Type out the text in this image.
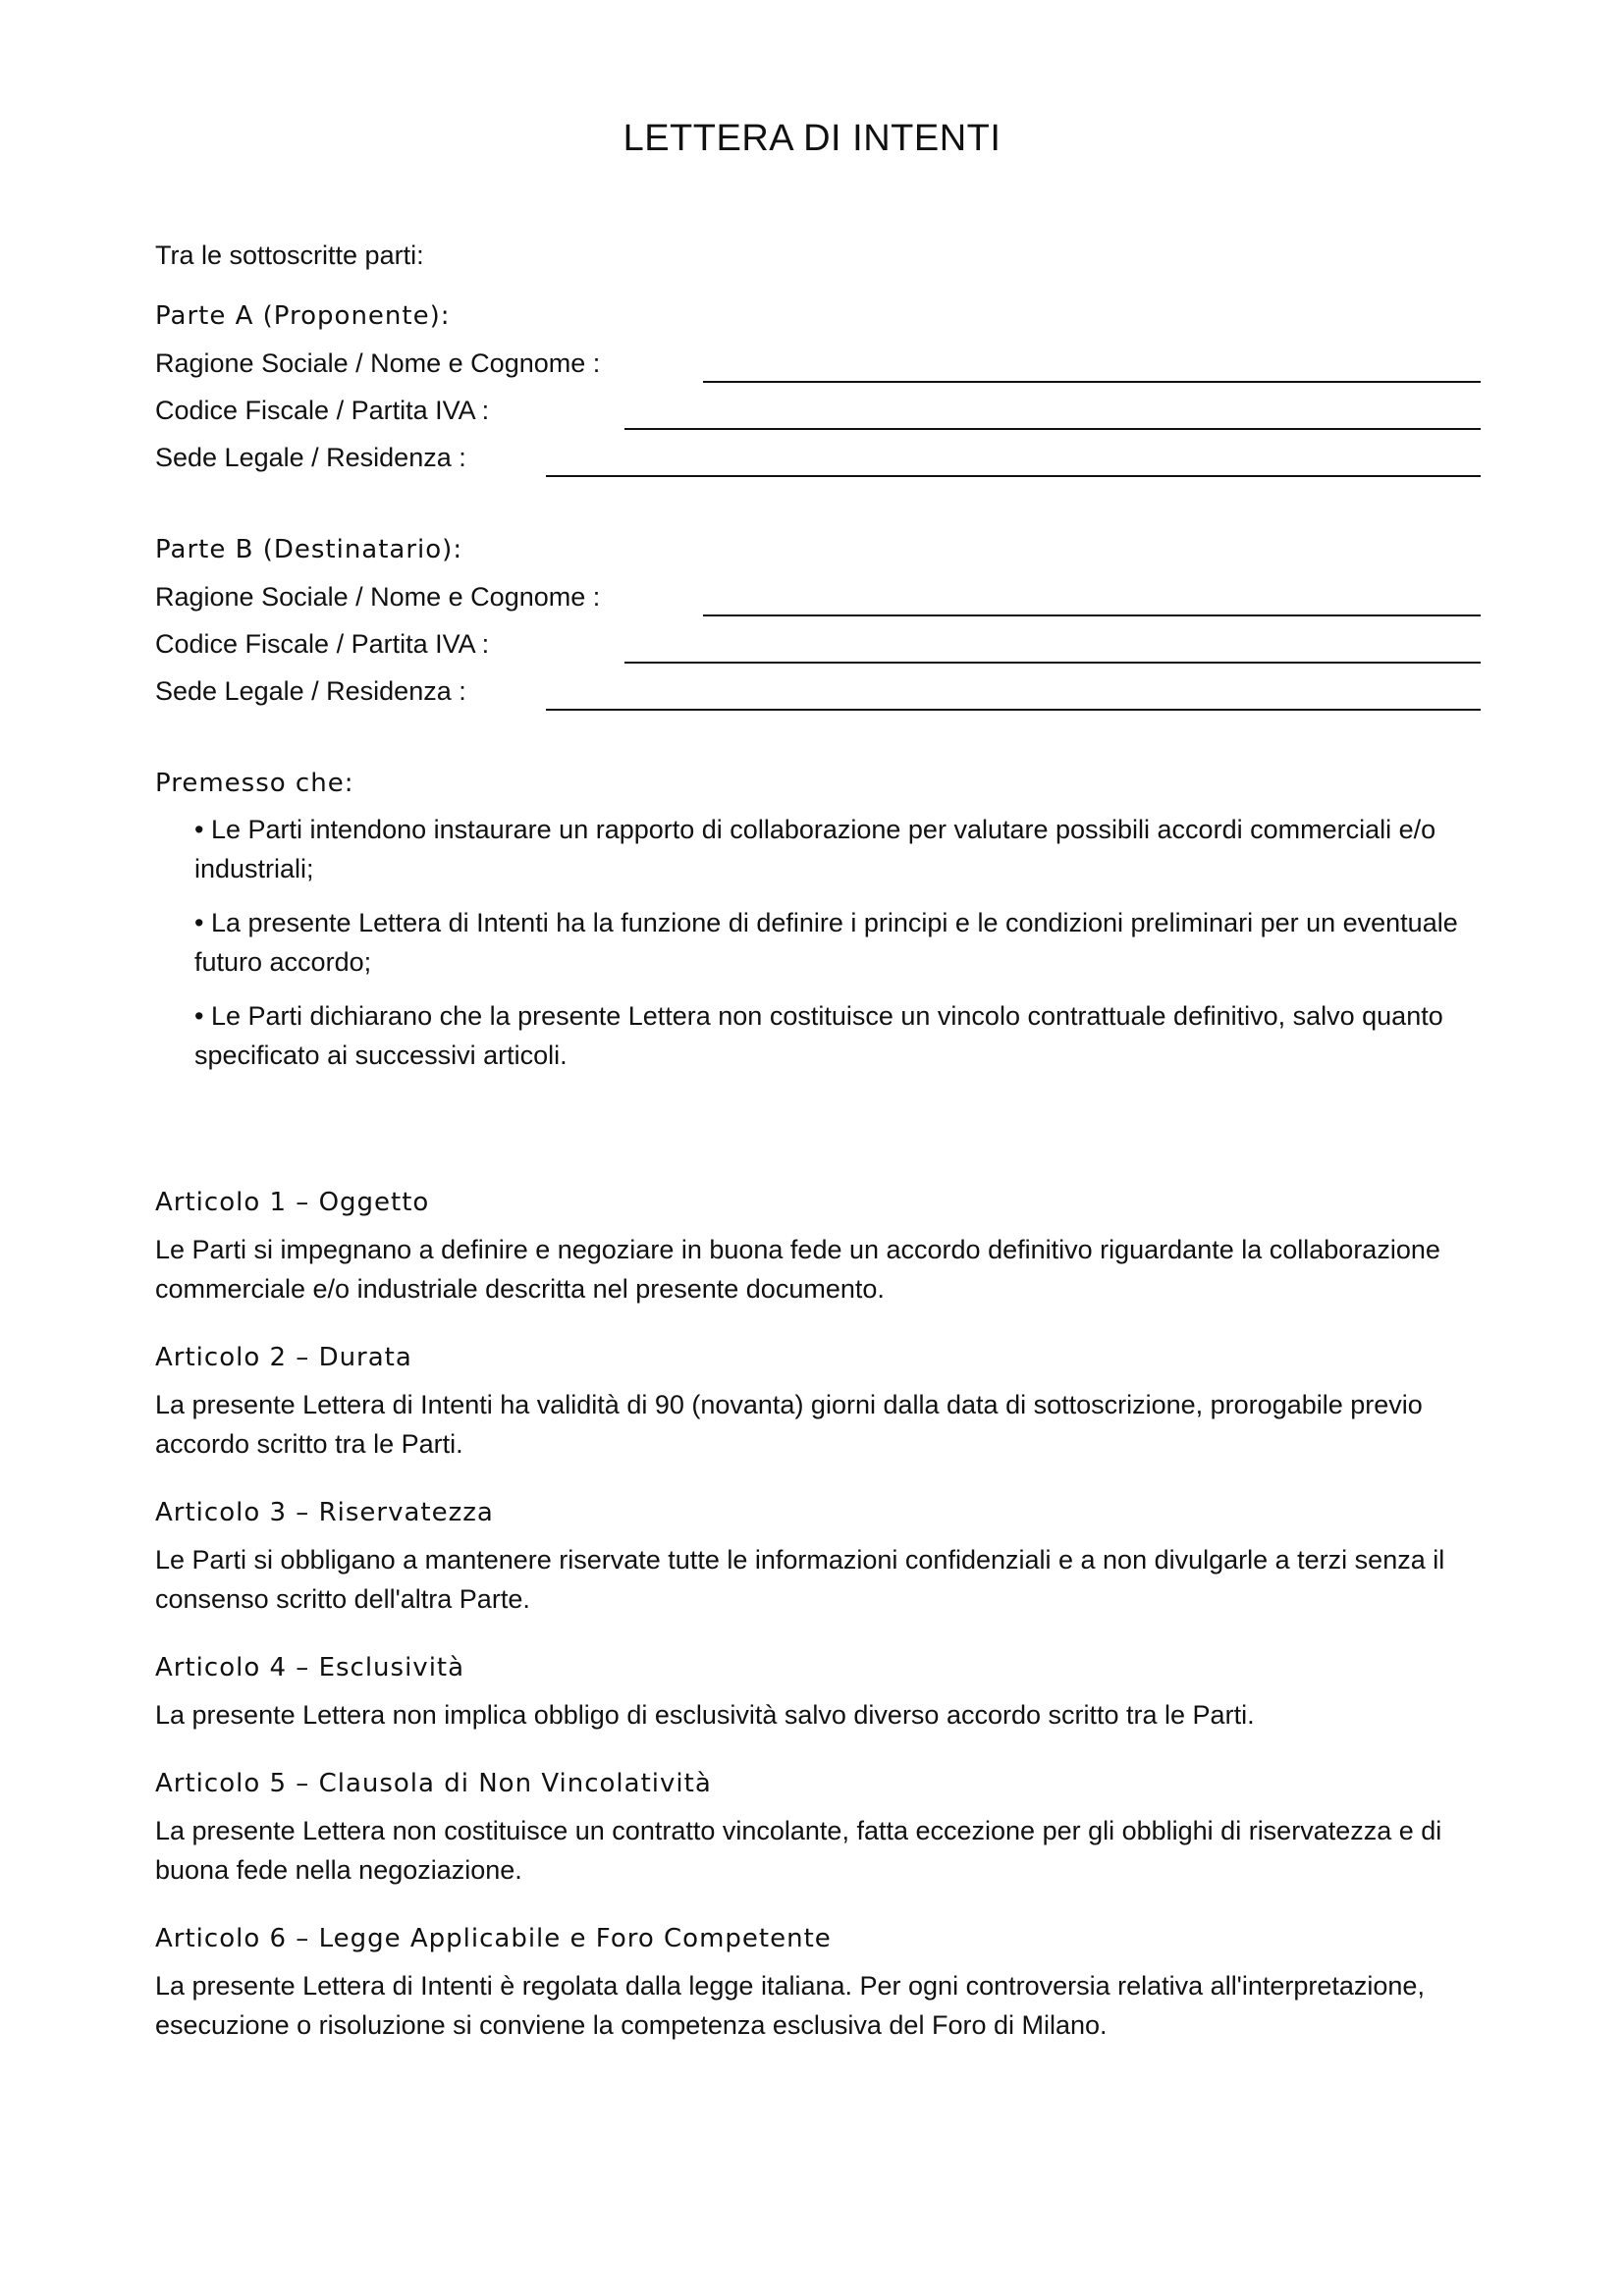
LETTERA DI INTENTI
Tra le sottoscritte parti:
Parte A (Proponente):
Ragione Sociale / Nome e Cognome :
Codice Fiscale / Partita IVA :
Sede Legale / Residenza :
Parte B (Destinatario):
Ragione Sociale / Nome e Cognome :
Codice Fiscale / Partita IVA :
Sede Legale / Residenza :
Premesso che:
• Le Parti intendono instaurare un rapporto di collaborazione per valutare possibili accordi commerciali e/o industriali;
• La presente Lettera di Intenti ha la funzione di definire i principi e le condizioni preliminari per un eventuale futuro accordo;
• Le Parti dichiarano che la presente Lettera non costituisce un vincolo contrattuale definitivo, salvo quanto specificato ai successivi articoli.
Articolo 1 – Oggetto
Le Parti si impegnano a definire e negoziare in buona fede un accordo definitivo riguardante la collaborazione commerciale e/o industriale descritta nel presente documento.
Articolo 2 – Durata
La presente Lettera di Intenti ha validità di 90 (novanta) giorni dalla data di sottoscrizione, prorogabile previo accordo scritto tra le Parti.
Articolo 3 – Riservatezza
Le Parti si obbligano a mantenere riservate tutte le informazioni confidenziali e a non divulgarle a terzi senza il consenso scritto dell'altra Parte.
Articolo 4 – Esclusività
La presente Lettera non implica obbligo di esclusività salvo diverso accordo scritto tra le Parti.
Articolo 5 – Clausola di Non Vincolatività
La presente Lettera non costituisce un contratto vincolante, fatta eccezione per gli obblighi di riservatezza e di buona fede nella negoziazione.
Articolo 6 – Legge Applicabile e Foro Competente
La presente Lettera di Intenti è regolata dalla legge italiana. Per ogni controversia relativa all'interpretazione, esecuzione o risoluzione si conviene la competenza esclusiva del Foro di Milano.
